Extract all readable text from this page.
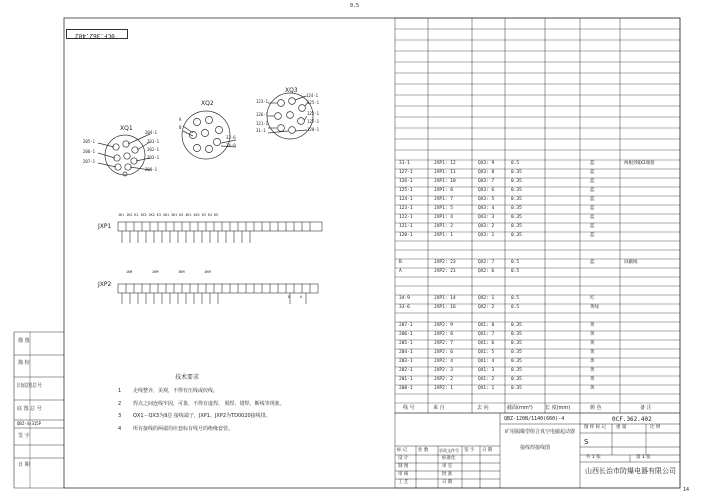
0.5
14
0CF.362.402
描 图
描 校
旧底图总号
底 图 总 号
QBZ-4×315P
签 字
日 期
XQ1
204-1
205-1	201-1
206-1
203-1
202-1
207-1
208-1
XQ2
A
B
33-6
34-9
XQ3
124-1
125-1
123-1
126-1	122-1
127-1
121-1
31-1	120-1
JXP1
1K1 1K2 K1 2K3 2K2 K3 4K1 3K1 K5 4K1 4K2 K3 K4 K5
JXP2
1KM 2KM 3KM 4KM
8 A
技术要求
1 走线整齐，美观，不得有压线或绞线。
2 焊点之间连线牢固，可靠，不得有虚焊、 脱焊、错焊、断线等现象。
3 QX1－QX3为9芯 接线端子，JXP1、JXP2为TD0020接线排。
4 所有接线的两端均应套标有线号的绝缘套管。
31-1	JXP1: 12	QX3: 9	0.5	蓝	两根到QX3端接
127-1	JXP1: 11	QX3: 8	0.35	蓝
126-1	JXP1: 10	QX3: 7	0.35	蓝
125-1	JXP1: 8	QX3: 6	0.35	蓝
124-1	JXP1: 7	QX3: 5	0.35	蓝
123-1	JXP1: 5	QX3: 4	0.35	蓝
122-1	JXP1: 4	QX3: 3	0.35	蓝
121-1	JXP1: 2	QX3: 2	0.35	蓝
120-1	JXP1: 1	QX3: 1	0.35	蓝
B	JXP2: 23	QX2: 7	0.5	蓝	屏蔽线
A	JXP2: 21	QX2: 6	0.5
34-9	JXP1: 14	QX2: 1	0.5	红
33-6	JXP1: 16	QX2: 2	0.5	黄绿
207-1	JXP2: 9	QX1: 8	0.35	黄
206-1	JXP2: 8	QX1: 7	0.35	黄
205-1	JXP2: 7	QX1: 6	0.35	黄
204-1	JXP2: 6	QX1: 5	0.35	黄
203-1	JXP2: 4	QX1: 4	0.35	黄
202-1	JXP2: 3	QX1: 3	0.35	黄
201-1	JXP2: 2	QX1: 2	0.35	黄
208-1	JXP2: 1	QX1: 1	0.35	黄
线 号	来 自	去 向	截面(mm²) 长 度(mm)	颜 色	备 注
QBZ-120B/1140(660)-4	0CF.362.402
矿用隔爆型组合真空电磁起动器
接线焊接线图
图 样 标 记 重 量	比 例
S
共 1 张	第 1 张
山西长治市防爆电器有限公司
标 记 处 数	更改文件号 签 字 日 期
设 计	标准化
制 图	审 定
审 核	批 准
工 艺	日 期
